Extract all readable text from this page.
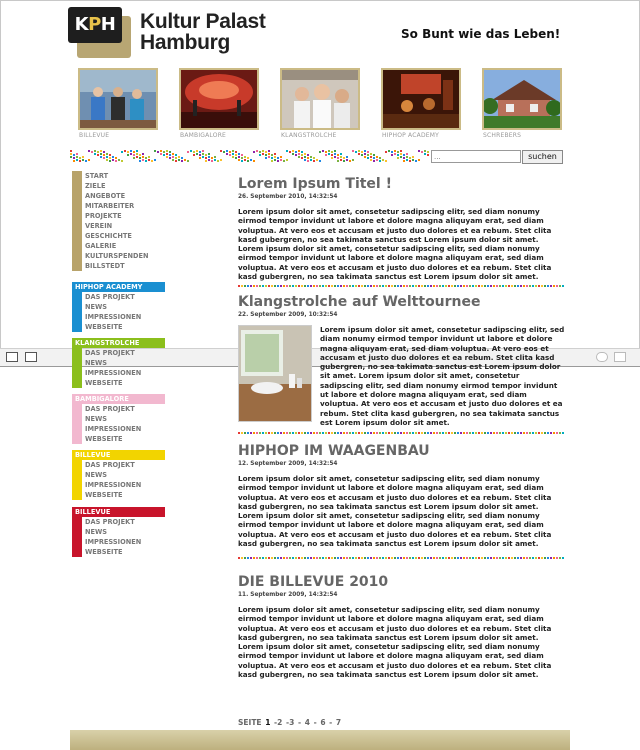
KPH	Kultur Palast
Hamburg	So Bunt wie das Leben!
BILLEVUE	BAMBIGALORE	KLANGSTROLCHE	HIPHOP ACADEMY	SCHREBERS
...
suchen
START
ZIELE
ANGEBOTE
MITARBEITER
PROJEKTE
VEREIN
GESCHICHTE
GALERIE
KULTURSPENDEN
BILLSTEDT
HIPHOP ACADEMY
DAS PROJEKT
NEWS
IMPRESSIONEN
WEBSEITE
KLANGSTROLCHE
DAS PROJEKT
NEWS
IMPRESSIONEN
WEBSEITE
BAMBIGALORE
DAS PROJEKT
NEWS
IMPRESSIONEN
WEBSEITE
BILLEVUE
DAS PROJEKT
NEWS
IMPRESSIONEN
WEBSEITE
BILLEVUE
DAS PROJEKT
NEWS
IMPRESSIONEN
WEBSEITE
Lorem Ipsum Titel !
26. September 2010, 14:32:54
Lorem ipsum dolor sit amet, consetetur sadipscing elitr, sed diam nonumy eirmod tempor invidunt ut labore et dolore magna aliquyam erat, sed diam voluptua. At vero eos et accusam et justo duo dolores et ea rebum. Stet clita kasd gubergren, no sea takimata sanctus est Lorem ipsum dolor sit amet. Lorem ipsum dolor sit amet, consetetur sadipscing elitr, sed diam nonumy eirmod tempor invidunt ut labore et dolore magna aliquyam erat, sed diam voluptua. At vero eos et accusam et justo duo dolores et ea rebum. Stet clita kasd gubergren, no sea takimata sanctus est Lorem ipsum dolor sit amet.
Klangstrolche auf Welttournee
22. September 2009, 10:32:54
Lorem ipsum dolor sit amet, consetetur sadipscing elitr, sed diam nonumy eirmod tempor invidunt ut labore et dolore magna aliquyam erat, sed diam voluptua. At vero eos et accusam et justo duo dolores et ea rebum. Stet clita kasd gubergren, no sea takimata sanctus est Lorem ipsum dolor sit amet. Lorem ipsum dolor sit amet, consetetur sadipscing elitr, sed diam nonumy eirmod tempor invidunt ut labore et dolore magna aliquyam erat, sed diam voluptua. At vero eos et accusam et justo duo dolores et ea rebum. Stet clita kasd gubergren, no sea takimata sanctus est Lorem ipsum dolor sit amet.
HIPHOP IM WAAGENBAU
12. September 2009, 14:32:54
Lorem ipsum dolor sit amet, consetetur sadipscing elitr, sed diam nonumy eirmod tempor invidunt ut labore et dolore magna aliquyam erat, sed diam voluptua. At vero eos et accusam et justo duo dolores et ea rebum. Stet clita kasd gubergren, no sea takimata sanctus est Lorem ipsum dolor sit amet. Lorem ipsum dolor sit amet, consetetur sadipscing elitr, sed diam nonumy eirmod tempor invidunt ut labore et dolore magna aliquyam erat, sed diam voluptua. At vero eos et accusam et justo duo dolores et ea rebum. Stet clita kasd gubergren, no sea takimata sanctus est Lorem ipsum dolor sit amet.
DIE BILLEVUE 2010
11. September 2009, 14:32:54
Lorem ipsum dolor sit amet, consetetur sadipscing elitr, sed diam nonumy eirmod tempor invidunt ut labore et dolore magna aliquyam erat, sed diam voluptua. At vero eos et accusam et justo duo dolores et ea rebum. Stet clita kasd gubergren, no sea takimata sanctus est Lorem ipsum dolor sit amet. Lorem ipsum dolor sit amet, consetetur sadipscing elitr, sed diam nonumy eirmod tempor invidunt ut labore et dolore magna aliquyam erat, sed diam voluptua. At vero eos et accusam et justo duo dolores et ea rebum. Stet clita kasd gubergren, no sea takimata sanctus est Lorem ipsum dolor sit amet.
SEITE 1 -2 -3 - 4 - 6 - 7
